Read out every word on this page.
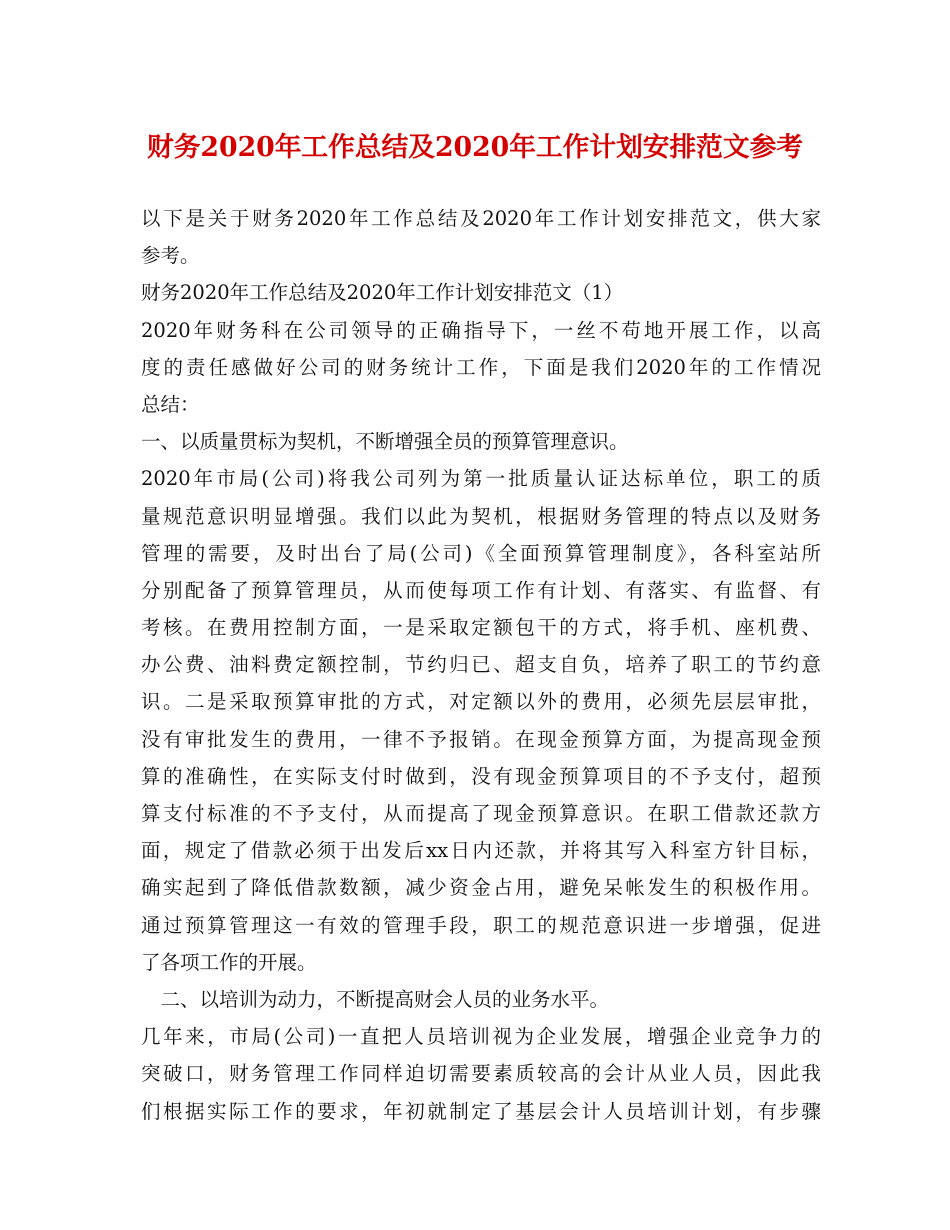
财务2020年工作总结及2020年工作计划安排范文参考
以下是关于财务2020年工作总结及2020年工作计划安排范文，供大家
参考。
财务2020年工作总结及2020年工作计划安排范文（1）
2020年财务科在公司领导的正确指导下，一丝不苟地开展工作，以高
度的责任感做好公司的财务统计工作，下面是我们2020年的工作情况
总结：
一、以质量贯标为契机，不断增强全员的预算管理意识。
2020年市局(公司)将我公司列为第一批质量认证达标单位，职工的质
量规范意识明显增强。我们以此为契机，根据财务管理的特点以及财务
管理的需要，及时出台了局(公司)《全面预算管理制度》，各科室站所
分别配备了预算管理员，从而使每项工作有计划、有落实、有监督、有
考核。在费用控制方面，一是采取定额包干的方式，将手机、座机费、
办公费、油料费定额控制，节约归已、超支自负，培养了职工的节约意
识。二是采取预算审批的方式，对定额以外的费用，必须先层层审批，
没有审批发生的费用，一律不予报销。在现金预算方面，为提高现金预
算的准确性，在实际支付时做到，没有现金预算项目的不予支付，超预
算支付标准的不予支付，从而提高了现金预算意识。在职工借款还款方
面，规定了借款必须于出发后xx日内还款，并将其写入科室方针目标，
确实起到了降低借款数额，减少资金占用，避免呆帐发生的积极作用。
通过预算管理这一有效的管理手段，职工的规范意识进一步增强，促进
了各项工作的开展。
　二、以培训为动力，不断提高财会人员的业务水平。
几年来，市局(公司)一直把人员培训视为企业发展，增强企业竞争力的
突破口，财务管理工作同样迫切需要素质较高的会计从业人员，因此我
们根据实际工作的要求，年初就制定了基层会计人员培训计划，有步骤
